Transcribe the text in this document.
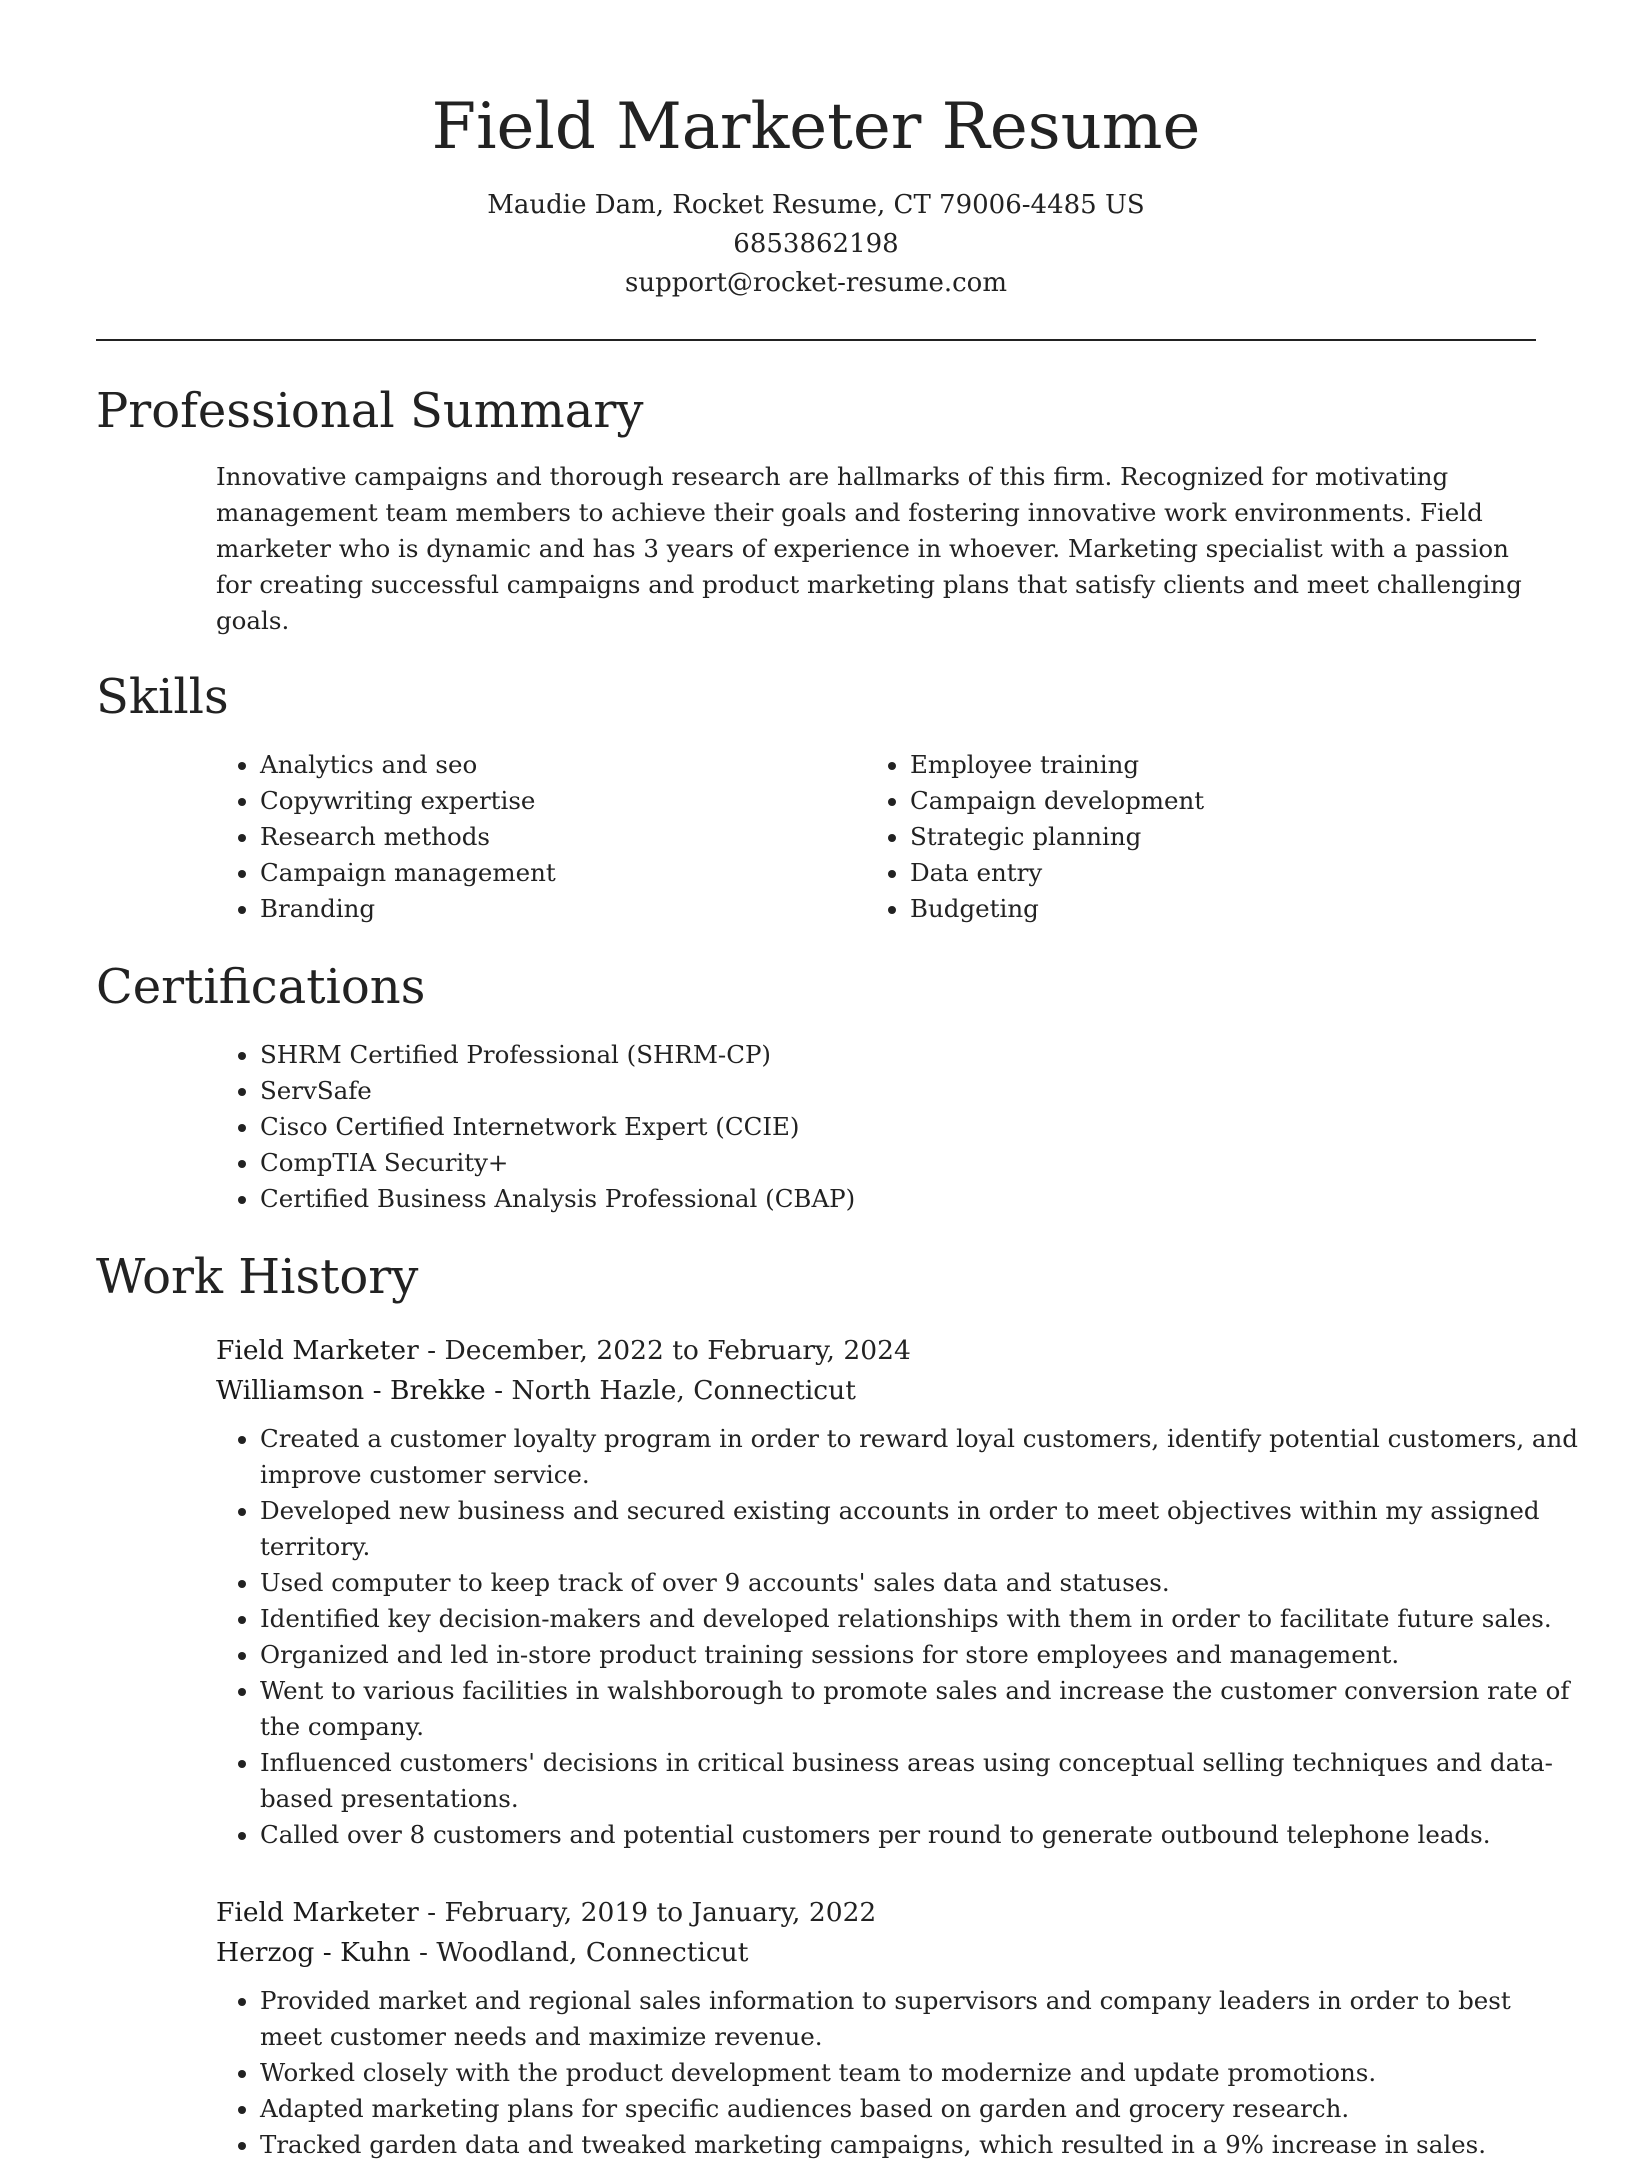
Field Marketer Resume
Maudie Dam, Rocket Resume, CT 79006-4485 US
6853862198
support@rocket-resume.com
Professional Summary

Innovative campaigns and thorough research are hallmarks of this firm. Recognized for motivating management team members to achieve their goals and fostering innovative work environments. Field marketer who is dynamic and has 3 years of experience in whoever. Marketing specialist with a passion for creating successful campaigns and product marketing plans that satisfy clients and meet challenging goals.

Skills
• Analytics and seo
• Copywriting expertise
• Research methods
• Campaign management
• Branding
• Employee training
• Campaign development
• Strategic planning
• Data entry
• Budgeting
Certifications
• SHRM Certified Professional (SHRM-CP)
• ServSafe
• Cisco Certified Internetwork Expert (CCIE)
• CompTIA Security+
• Certified Business Analysis Professional (CBAP)
Work History
Field Marketer - December, 2022 to February, 2024
Williamson - Brekke - North Hazle, Connecticut
• Created a customer loyalty program in order to reward loyal customers, identify potential customers, and improve customer service.
• Developed new business and secured existing accounts in order to meet objectives within my assigned territory.
• Used computer to keep track of over 9 accounts' sales data and statuses.
• Identified key decision-makers and developed relationships with them in order to facilitate future sales.
• Organized and led in-store product training sessions for store employees and management.
• Went to various facilities in walshborough to promote sales and increase the customer conversion rate of the company.
• Influenced customers' decisions in critical business areas using conceptual selling techniques and data-based presentations.
• Called over 8 customers and potential customers per round to generate outbound telephone leads.
Field Marketer - February, 2019 to January, 2022
Herzog - Kuhn - Woodland, Connecticut
• Provided market and regional sales information to supervisors and company leaders in order to best meet customer needs and maximize revenue.
• Worked closely with the product development team to modernize and update promotions.
• Adapted marketing plans for specific audiences based on garden and grocery research.
• Tracked garden data and tweaked marketing campaigns, which resulted in a 9% increase in sales.
